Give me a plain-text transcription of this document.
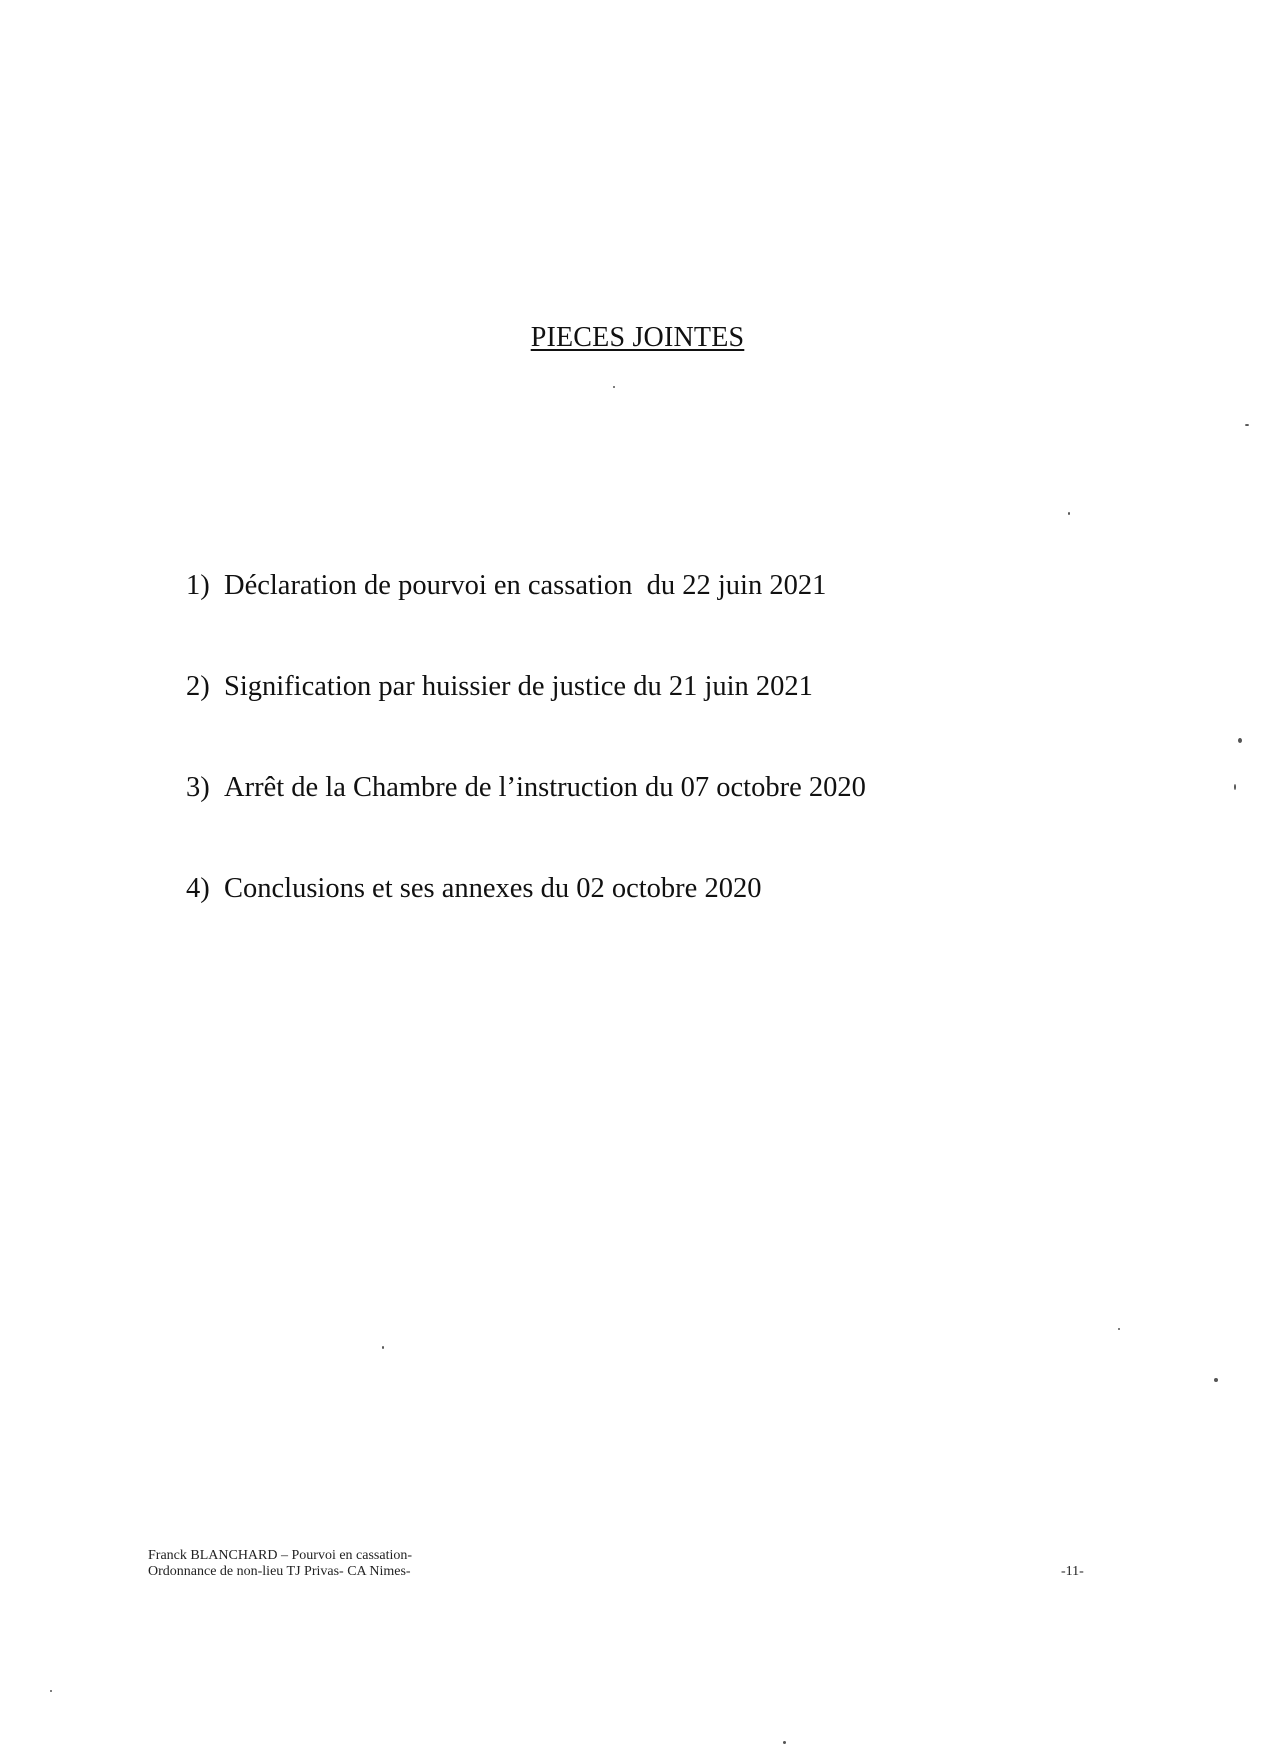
PIECES JOINTES
1) Déclaration de pourvoi en cassation  du 22 juin 2021
2) Signification par huissier de justice du 21 juin 2021
3) Arrêt de la Chambre de l’instruction du 07 octobre 2020
4) Conclusions et ses annexes du 02 octobre 2020
Franck BLANCHARD – Pourvoi en cassation-
Ordonnance de non-lieu TJ Privas- CA Nimes-	-11-
